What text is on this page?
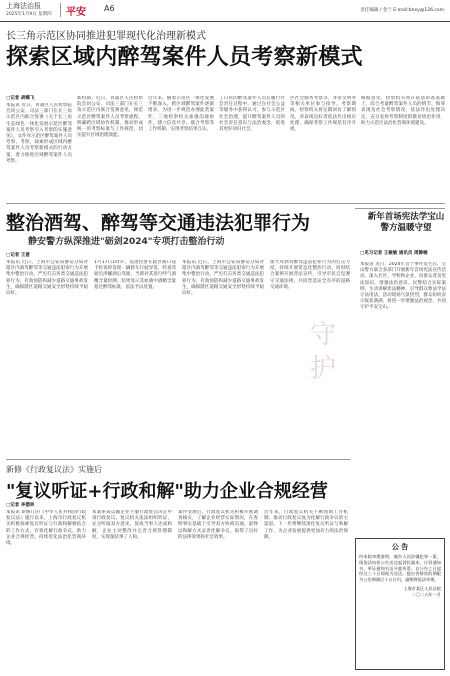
上海法治报
2025年1月9日 星期四 平安 A6	责任编辑 / 金兰 E-mail:bnxy@126.com
长三角示范区协同推进犯罪现代化治理新模式
探索区域内醉驾案件人员考察新模式
□记者 胡蝶飞
本报讯 近日，青浦区人民检察院会同公安、司法三部门在长三角示范区内联合签署《关于长三角生态绿色一体化发展示范区醉驾案件人员考察引入考察的实施意见》，文件对示范区醉驾案件人员考察、考察，探索形成区域内醉驾案件人员考察新模式的行动方案，着力推进区域醉驾案件人员考察。
新机制。近日，青浦区人民检察院会同公安、司法三部门在长三角示范区内联合签署意见，规范示范区醉驾案件人员考察流程，明确跨区域协作机制，推动形成统一的考察标准与工作规范，切实提升区域治理效能。
近年来，随着示范区一体化发展不断深入，跨区域醉驾案件逐渐增多。为进一步规范办理此类案件，三地检察机关加强沟通协作，建立信息共享、联合考察等工作机制，实现考察结果互认。
了日常的醉驾案件人员在履行社会责任过程中。通过在社会公益等服务中获得认可，参与示范区社会治理，提升醉驾案件人员的社会责任意识与法治观念，促进其更好回归社会。
区社会服务考察等，并由文明办等相关单位参与指导。考察期间，检察机关将定期回访了解情况，对表现良好者依法作出相应处理，确保考察工作规范有序开展。
根据意见，检察机关将在依法审查基础上，综合考量醉驾案件人员的情节、悔罪表现及社会考察情况，依法作出处理决定，充分发挥考察制度的教育矫治作用，助力示范区法治化营商环境建设。
整治酒驾、醉驾等交通违法犯罪行为
静安警方纵深推进"砺剑2024"专项打击整治行动
□记者 王意
本报讯 近日，上海市公安局静安分局对辖区内酒驾醉驾等交通违法犯罪行为开展集中整治行动。严厉打击各类交通违法犯罪行为，有效预防和减少道路交通事故发生，确保辖区道路交通安全形势持续平稳向好。
1月17日1时许，巡逻民警在辖区路口设卡检查时发现一辆轿车行驶异常，经查驾驶员涉嫌酒后驾驶，当即对其进行呼气酒精含量检测，结果显示其血液中酒精含量超过醉驾标准，依法予以处置。
本报讯 近日，上海市公安局静安分局对辖区内酒驾醉驾等交通违法犯罪行为开展集中整治行动。严厉打击各类交通违法犯罪行为，有效预防和减少道路交通事故发生，确保辖区道路交通安全形势持续平稳向好。
加大对酒驾醉驾违法犯罪行为的打击力度，持续开展常态化整治行动。同时结合案例开展普法宣传，引导市民自觉遵守交通法规，共同营造安全有序的道路交通环境。
守护
新年首场宪法学宝山警方温暖守望
□见习记者 王敏敏 通讯员 周静楠
本报讯 近日，2024年首个事件发生后，宝山警方联合多部门开展新年首场宪法宣传活动，深入社区、学校和企业，向群众普及宪法知识，增强法治意识。民警结合实际案例，生动讲解宪法精神，引导群众尊法学法守法用法。活动现场气氛热烈，群众纷纷表示收获满满，将进一步增强法治观念，共同守护平安宝山。
新修《行政复议法》实施后
"复议听证+行政和解"助力企业合规经营
□记者 李德林
本报讯 新修订的《中华人民共和国行政复议法》施行以来，上海市行政复议机关积极探索复议听证与行政和解相结合的工作方式，有效化解行政争议，助力企业合规经营，持续优化法治化营商环境。
本案系某运输企业不服行政处罚决定申请行政复议。复议机关依法组织听证，充分听取双方意见，促成当事人达成和解，企业主动整改并完善合规管理制度，实现案结事了人和。
案件受理后，行政复议机关积极开展调查核实，了解企业经营实际情况，在查明事实基础上引导双方协商沟通，最终以和解方式妥善化解争议，取得了良好的法律效果和社会效果。
近年来，行政复议机关不断创新工作机制，推动行政复议成为化解行政争议的主渠道。下一步将继续深化复议听证与和解工作，为企业发展提供更加有力的法治保障。
公 告
经本院审理查明，被告人因涉嫌犯罪一案，现依法向你公告送达起诉状副本、应诉通知书、举证通知书及开庭传票。自公告之日起经过三十日即视为送达。提出答辩状的期限为公告期满后十五日内，逾期将依法审理。
上海市某区人民法院
二〇二五年一月
